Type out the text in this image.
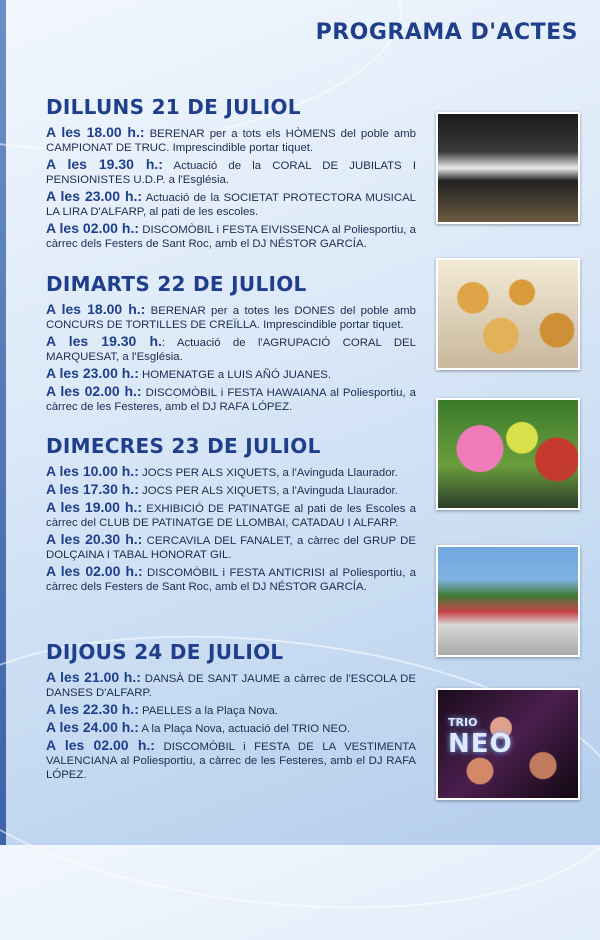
PROGRAMA D'ACTES
DILLUNS 21 DE JULIOL

A les 18.00 h.: BERENAR per a tots els HÒMENS del poble amb CAMPIONAT DE TRUC. Imprescindible portar tiquet.

A les 19.30 h.: Actuació de la CORAL DE JUBILATS I PENSIONISTES U.D.P. a l'Església.

A les 23.00 h.: Actuació de la SOCIETAT PROTECTORA MUSICAL LA LIRA D'ALFARP, al pati de les escoles.

A les 02.00 h.: DISCOMÒBIL i FESTA EIVISSENCA al Poliesportiu, a càrrec dels Festers de Sant Roc, amb el DJ NÉSTOR GARCÍA.

DIMARTS 22 DE JULIOL

A les 18.00 h.: BERENAR per a totes les DONES del poble amb CONCURS DE TORTILLES DE CREÏLLA. Imprescindible portar tiquet.

A les 19.30 h.: Actuació de l'AGRUPACIÓ CORAL DEL MARQUESAT, a l'Església.

A les 23.00 h.: HOMENATGE a LUIS AÑÓ JUANES.

A les 02.00 h.: DISCOMÒBIL i FESTA HAWAIANA al Poliesportiu, a càrrec de les Festeres, amb el DJ RAFA LÓPEZ.

DIMECRES 23 DE JULIOL

A les 10.00 h.: JOCS PER ALS XIQUETS, a l'Avinguda Llaurador.

A les 17.30 h.: JOCS PER ALS XIQUETS, a l'Avinguda Llaurador.

A les 19.00 h.: EXHIBICIÓ DE PATINATGE al pati de les Escoles a càrrec del CLUB DE PATINATGE DE LLOMBAI, CATADAU I ALFARP.

A les 20.30 h.: CERCAVILA DEL FANALET, a càrrec del GRUP DE DOLÇAINA I TABAL HONORAT GIL.

A les 02.00 h.: DISCOMÒBIL i FESTA ANTICRISI al Poliesportiu, a càrrec dels Festers de Sant Roc, amb el DJ NÉSTOR GARCÍA.

DIJOUS 24 DE JULIOL

A les 21.00 h.: DANSÀ DE SANT JAUME a càrrec de l'ESCOLA DE DANSES D'ALFARP.

A les 22.30 h.: PAELLES a la Plaça Nova.

A les 24.00 h.: A la Plaça Nova, actuació del TRIO NEO.

A les 02.00 h.: DISCOMÒBIL i FESTA DE LA VESTIMENTA VALENCIANA al Poliesportiu, a càrrec de les Festeres, amb el DJ RAFA LÓPEZ.

TRIO
NEO
